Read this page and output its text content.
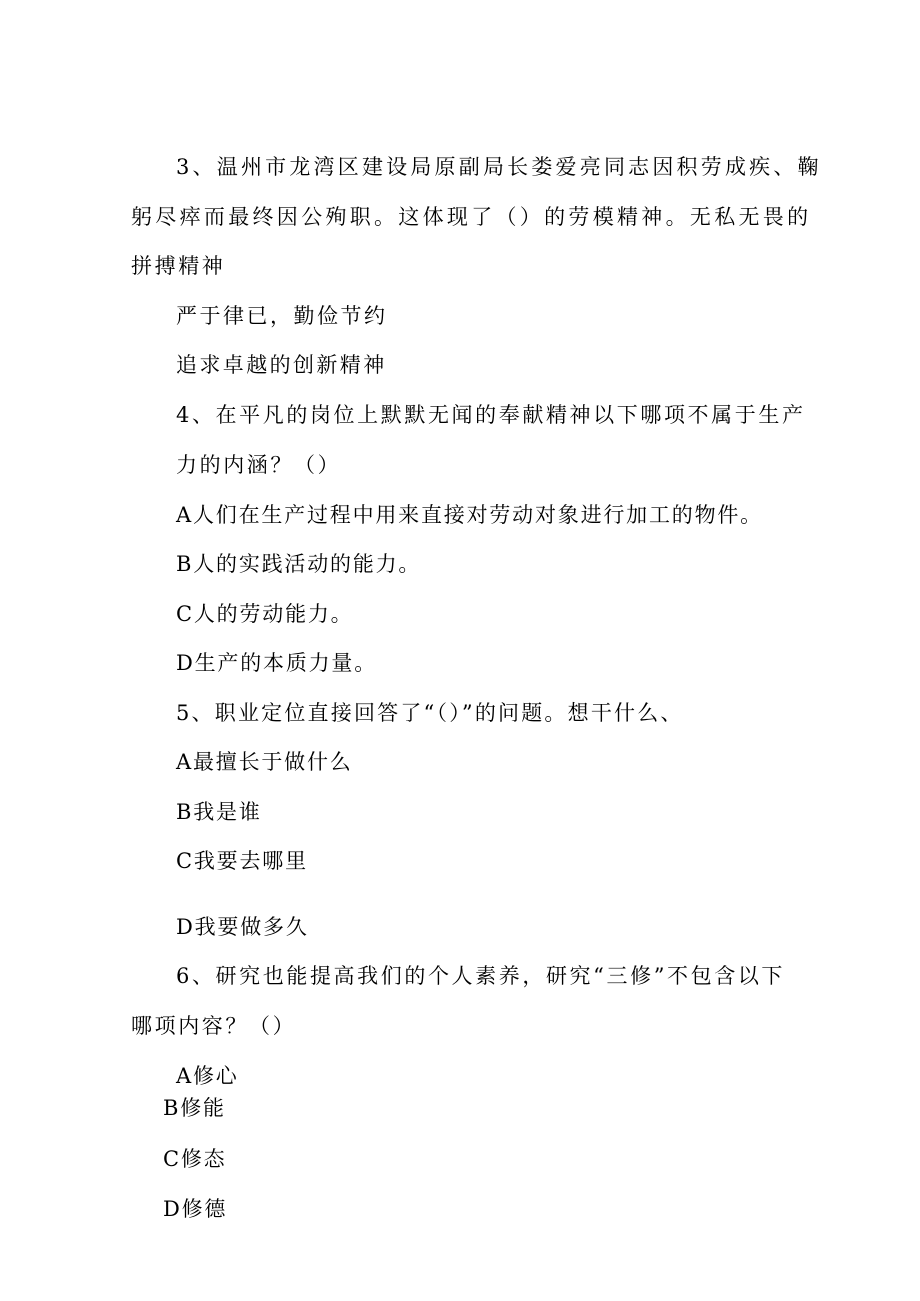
3、温州市龙湾区建设局原副局长娄爱亮同志因积劳成疾、鞠
躬尽瘁而最终因公殉职。这体现了（）的劳模精神。无私无畏的
拼搏精神
严于律已，勤俭节约
追求卓越的创新精神
4、在平凡的岗位上默默无闻的奉献精神以下哪项不属于生产
力的内涵？（）
A人们在生产过程中用来直接对劳动对象进行加工的物件。
B人的实践活动的能力。
C人的劳动能力。
D生产的本质力量。
5、职业定位直接回答了“（）”的问题。想干什么、
A最擅长于做什么
B我是谁
C我要去哪里
D我要做多久
6、研究也能提高我们的个人素养，研究“三修”不包含以下
哪项内容？（）
A修心
B修能
C修态
D修德
